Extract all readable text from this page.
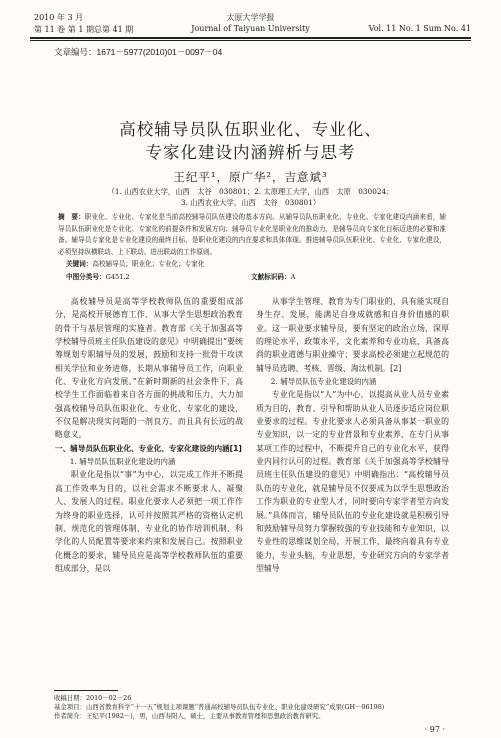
2010 年 3 月	太原大学学报
第 11 卷 第 1 期总第 41 期	Journal of Taiyuan University	Vol. 11 No. 1 Sum No. 41
文章编号：1671－5977(2010)01－0097－04
高校辅导员队伍职业化、专业化、
专家化建设内涵辨析与思考
王纪平¹，原广华²，吉意斌³
（1. 山西农业大学，山西　太谷　030801；2. 太原理工大学，山西　太原　030024；
3. 山西农业大学，山西　太谷　030801）
摘　要：职业化、专业化、专家化是当前高校辅导员队伍建设的基本方向。从辅导员队伍职业化、专业化、专家化建设内涵来看，辅导员队伍职业化是专业化、专家化的前提条件和发展方向；辅导员专业化是职业化的推动力，是辅导员向专家化目标迈进的必要和准备。辅导员专家化是专业化建设的最终目标，是职业化建设的内在要求和具体体现。推进辅导员队伍职业化、专业化、专家化建设，必须坚持纵横联动、上下联动、进出联动的工作原则。
关键词：高校辅导员；职业化；专业化；专家化
中图分类号：G451.2	文献标识码：A

高校辅导员是高等学校教师队伍的重要组成部分，是高校开展德育工作、从事大学生思想政治教育的骨干与基层管理的实施者。教育部《关于加强高等学校辅导员班主任队伍建设的意见》中明确提出“要统筹规划专职辅导员的发展，鼓励和支持一批骨干攻读相关学位和业务进修，长期从事辅导员工作，向职业化、专业化方向发展。”在新时期新的社会条件下，高校学生工作面临着来自各方面的挑战和压力，大力加强高校辅导员队伍职业化、专业化、专家化的建设，不仅是解决现实问题的一剂良方，而且具有长远的战略意义。

一、辅导员队伍职业化、专业化、专家化建设的内涵[1]

1. 辅导员队伍职业化建设的内涵

职业化是指以“事”为中心，以完成工作并不断提高工作效率为目的，以社会需求不断要求人、凝聚人、发展人的过程。职业化要求人必须把一项工作作为终身的职业选择，认可并按照其严格的资格认定机制、规范化的管理体制、专业化的协作培训机制、科学化的人员配置等要求来约束和发展自己。按照职业化概念的要求，辅导员应是高等学校教师队伍的重要组成部分，是以

从事学生管理、教育为专门职业的，具有能实现自身生存、发展，能满足自身成就感和自身价值感的职业。这一职业要求辅导员，要有坚定的政治立场，深厚的理论水平，政策水平，文化素养和专业功底，具备高尚的职业道德与职业操守；要求高校必须建立起规范的辅导员选聘、考核、晋级、淘汰机制。[2]

2. 辅导员队伍专业化建设的内涵

专业化是指以“人”为中心，以提高从业人员专业素质为目的，教育、引导和帮助从业人员逐步适应岗位职业要求的过程。专业化要求人必须具备从事某一职业的专业知识，以一定的专业背景和专业素养，在专门从事某项工作的过程中，不断提升自己的专业化水平，获得业内同行认可的过程。教育部《关于加强高等学校辅导员班主任队伍建设的意见》中明确指出：“高校辅导员队伍的专业化，就是辅导员不仅要成为以学生思想政治工作为职业的专业型人才，同时要向专家学者型方向发展。”具体而言，辅导员队伍的专业化建设就是积极引导和鼓励辅导员努力掌握较强的专业技能和专业知识，以专业性的思维谋划全局，开展工作，最终向着具有专业能力，专业头脑，专业思想，专业研究方向的专家学者型辅导

收稿日期：2010－02－26
基金项目：山西省教育科学“十一五”规划主项课题“普通高校辅导员队伍专业化、职业化建设研究”成果(GH－06198)
作者简介：王纪平(1982－)，男，山西寿阳人，硕士，主要从事教育管理和思想政治教育研究。
· 97 ·
